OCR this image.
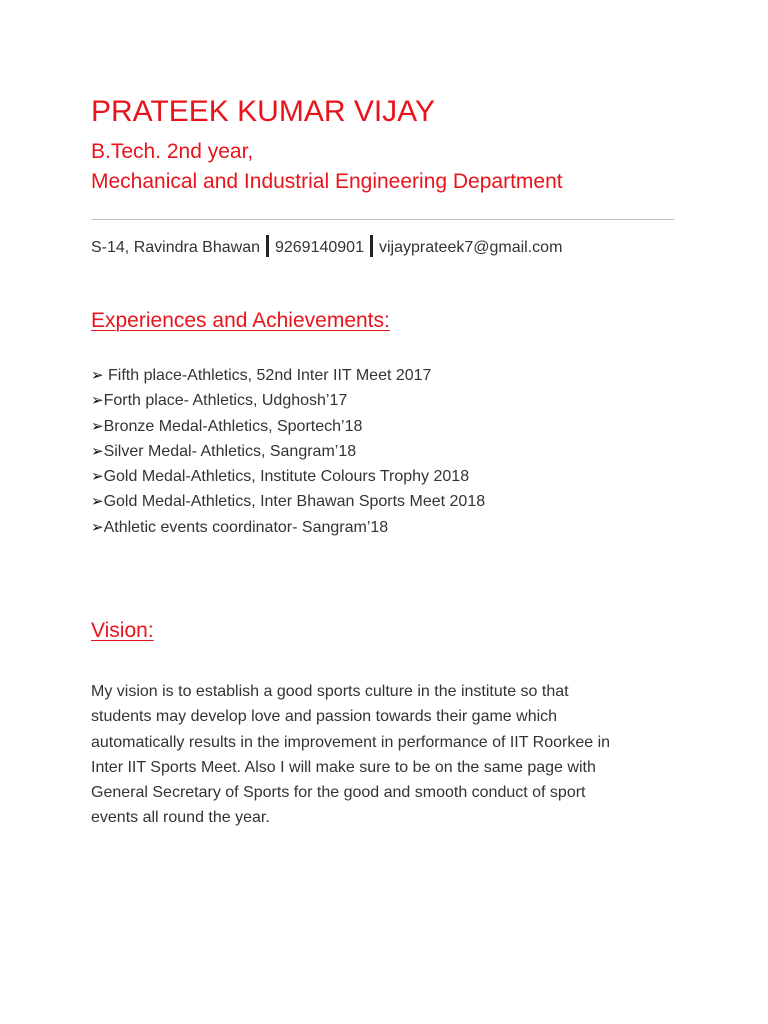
PRATEEK KUMAR VIJAY
B.Tech. 2nd year,
Mechanical and Industrial Engineering Department
S-14, Ravindra Bhawan 9269140901 vijayprateek7@gmail.com
Experiences and Achievements:
➢ Fifth place-Athletics, 52nd Inter IIT Meet 2017
➢Forth place- Athletics, Udghosh’17
➢Bronze Medal-Athletics, Sportech’18
➢Silver Medal- Athletics, Sangram’18
➢Gold Medal-Athletics, Institute Colours Trophy 2018
➢Gold Medal-Athletics, Inter Bhawan Sports Meet 2018
➢Athletic events coordinator- Sangram’18
Vision:

My vision is to establish a good sports culture in the institute so that
students may develop love and passion towards their game which
automatically results in the improvement in performance of IIT Roorkee in
Inter IIT Sports Meet. Also I will make sure to be on the same page with
General Secretary of Sports for the good and smooth conduct of sport
events all round the year.
